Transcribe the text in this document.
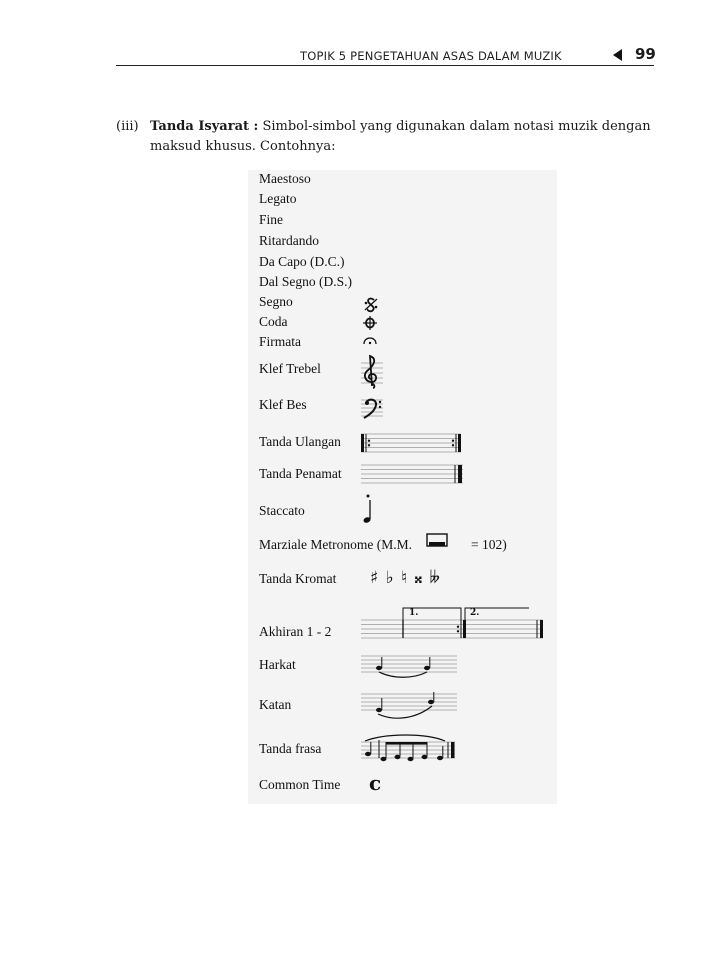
TOPIK 5 PENGETAHUAN ASAS DALAM MUZIK	99
(iii) Tanda Isyarat : Simbol-simbol yang digunakan dalam notasi muzik dengan
maksud khusus. Contohnya:
Maestoso
Legato
Fine
Ritardando
Da Capo (D.C.)
Dal Segno (D.S.)
Segno
Coda
Firmata
Klef Trebel
Klef Bes
Tanda Ulangan
Tanda Penamat
Staccato
Marziale Metronome (M.M.
Tanda Kromat
Akhiran 1 - 2
Harkat
Katan
Tanda frasa
Common Time
= 102)
♯ ♭ ♮ 𝄪 𝄫
1.	2.
c
